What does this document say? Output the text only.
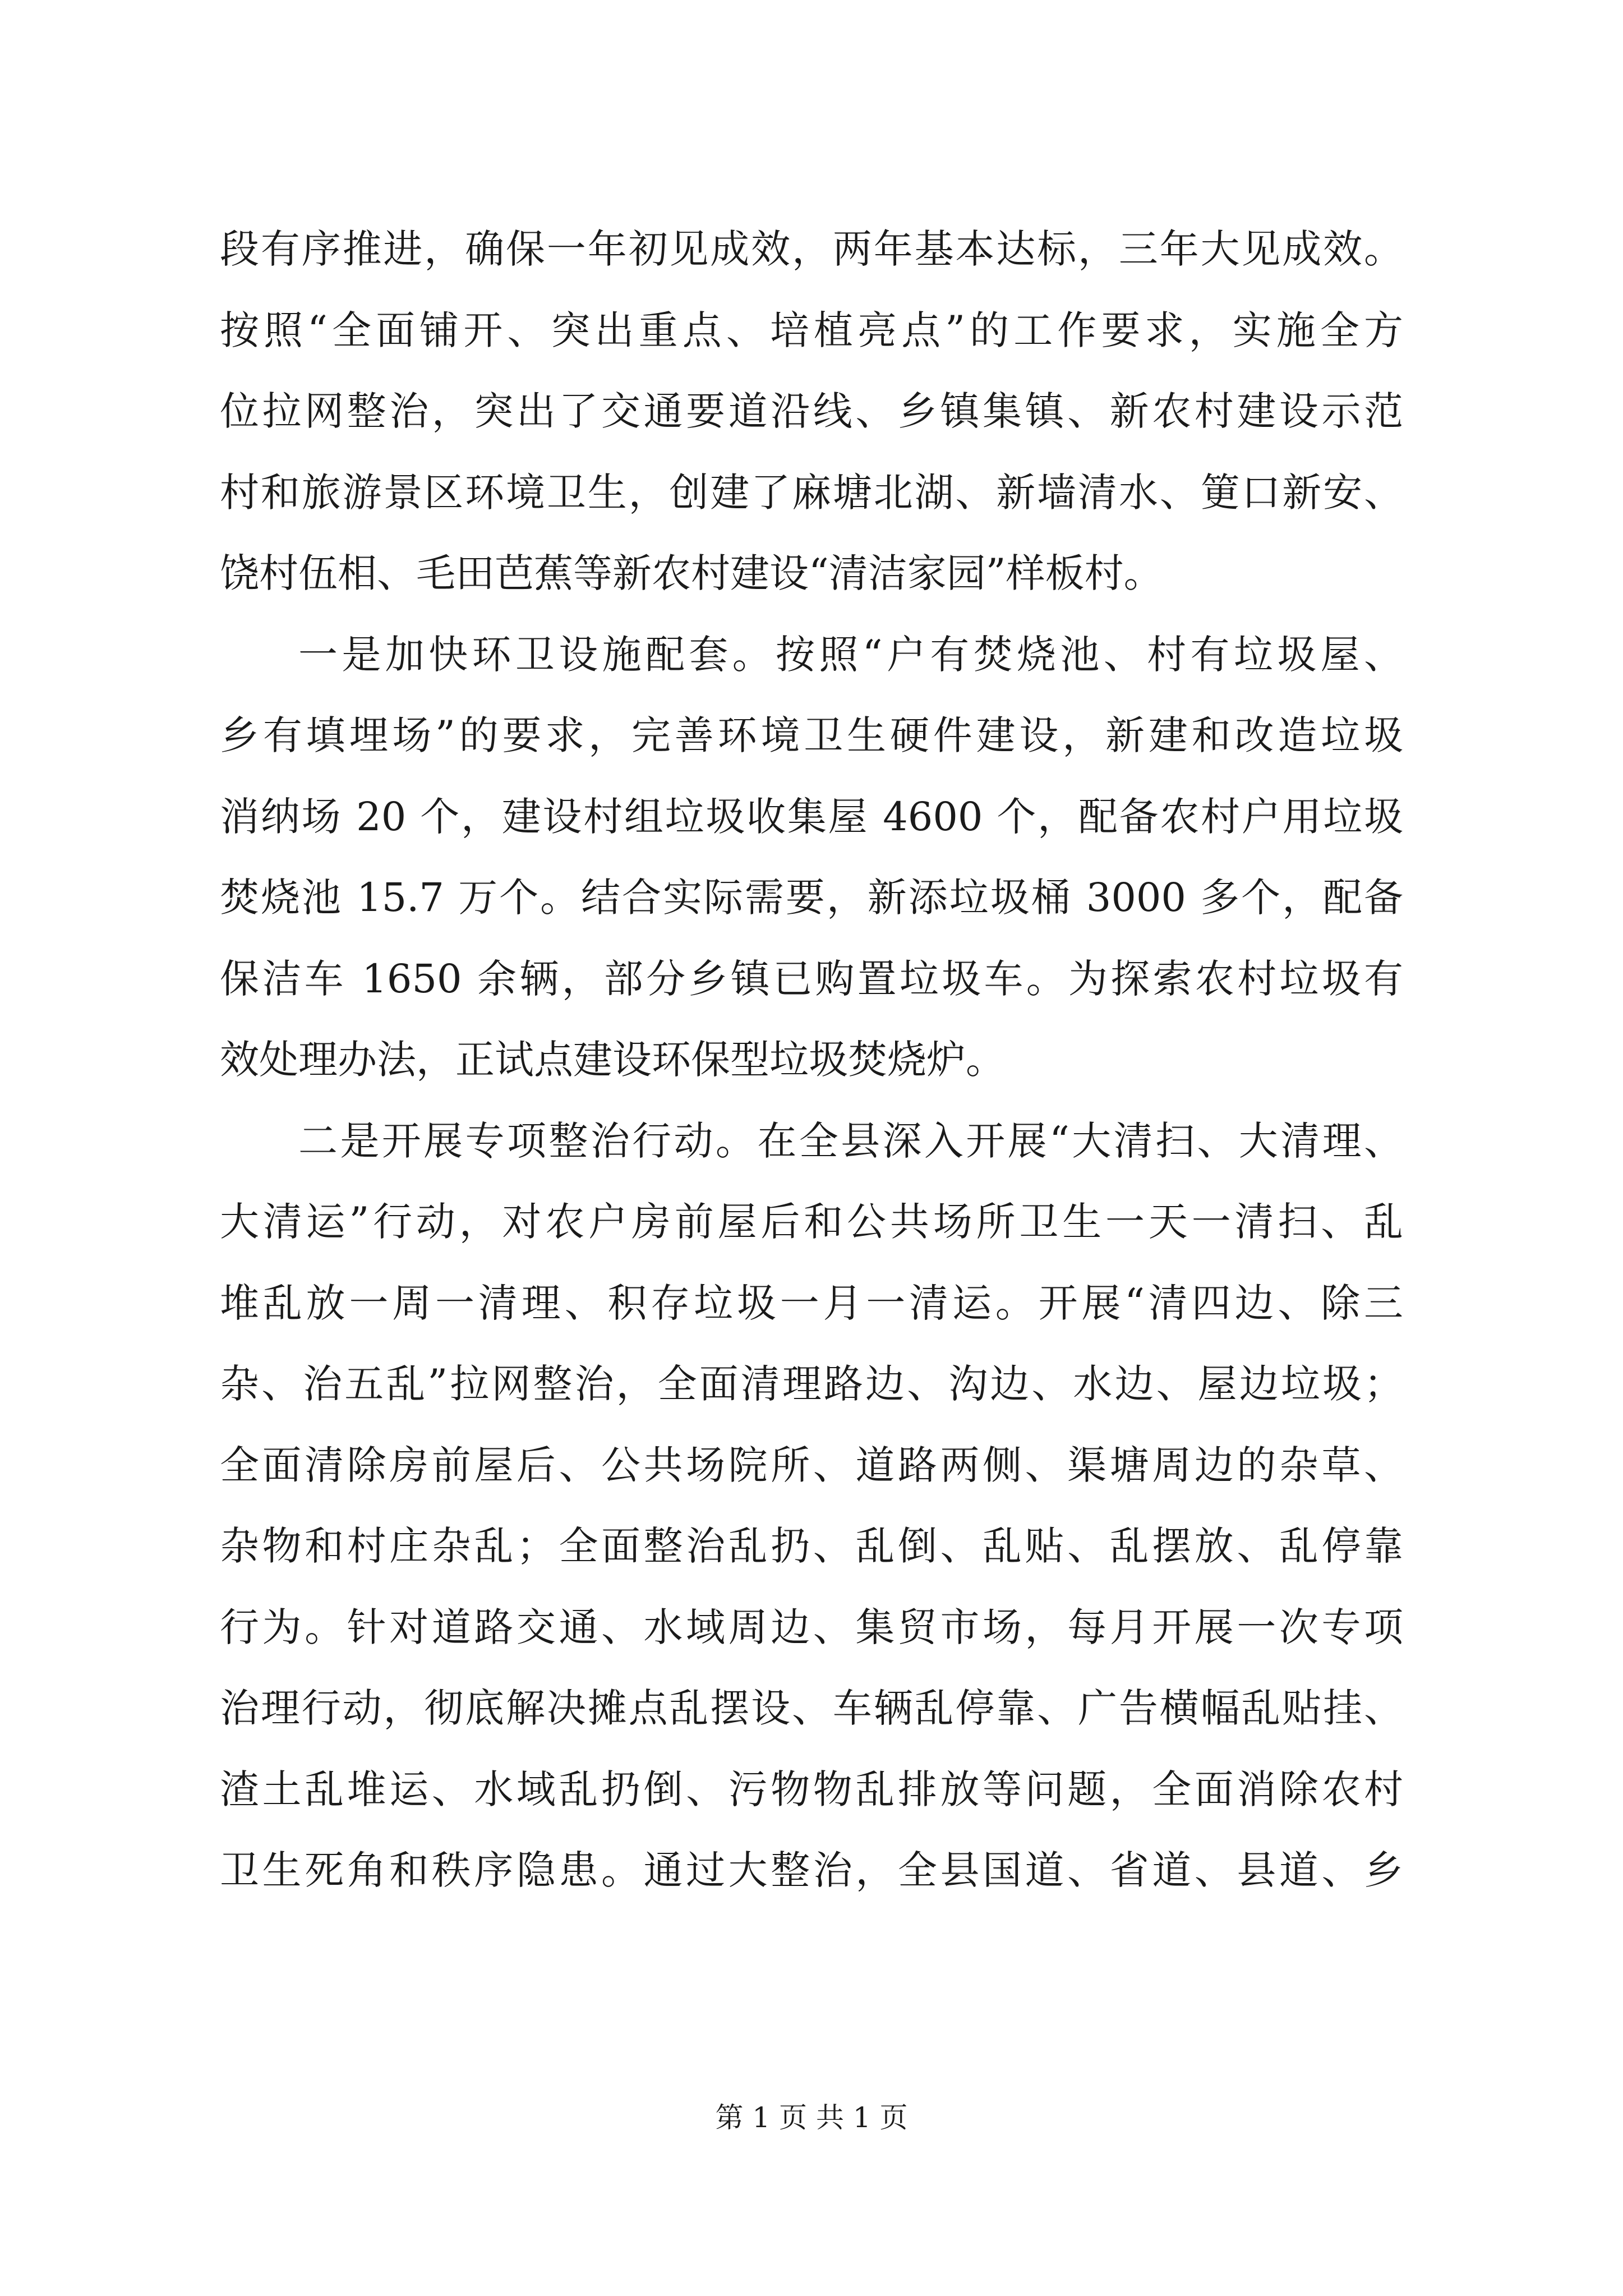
段有序推进，确保一年初见成效，两年基本达标，三年大见成效。
按照“全面铺开、突出重点、培植亮点”的工作要求，实施全方
位拉网整治，突出了交通要道沿线、乡镇集镇、新农村建设示范
村和旅游景区环境卫生，创建了麻塘北湖、新墙清水、筻口新安、
饶村伍相、毛田芭蕉等新农村建设“清洁家园”样板村。
一是加快环卫设施配套。按照“户有焚烧池、村有垃圾屋、
乡有填埋场”的要求，完善环境卫生硬件建设，新建和改造垃圾
消纳场 20 个，建设村组垃圾收集屋 4600 个，配备农村户用垃圾
焚烧池 15.7 万个。结合实际需要，新添垃圾桶 3000 多个，配备
保洁车 1650 余辆，部分乡镇已购置垃圾车。为探索农村垃圾有
效处理办法，正试点建设环保型垃圾焚烧炉。
二是开展专项整治行动。在全县深入开展“大清扫、大清理、
大清运”行动，对农户房前屋后和公共场所卫生一天一清扫、乱
堆乱放一周一清理、积存垃圾一月一清运。开展“清四边、除三
杂、治五乱”拉网整治，全面清理路边、沟边、水边、屋边垃圾；
全面清除房前屋后、公共场院所、道路两侧、渠塘周边的杂草、
杂物和村庄杂乱；全面整治乱扔、乱倒、乱贴、乱摆放、乱停靠
行为。针对道路交通、水域周边、集贸市场，每月开展一次专项
治理行动，彻底解决摊点乱摆设、车辆乱停靠、广告横幅乱贴挂、
渣土乱堆运、水域乱扔倒、污物物乱排放等问题，全面消除农村
卫生死角和秩序隐患。通过大整治，全县国道、省道、县道、乡
第 1 页 共 1 页
